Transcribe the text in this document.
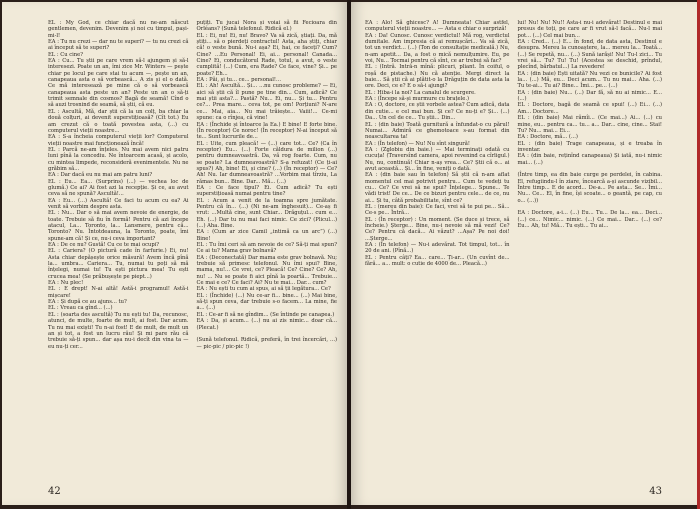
EL : My God, ce chiar dacă nu ne-am născut gentlemen, devenim. Devenim și noi cu timpul, pași-mi-l!
EA : Tu nu crezi — dar nu te superi? — tu nu crezi că ai început să te superi?
EL : Cu cine?
EA : Cu... Tu știi pe care vrem să-l ajungem și să-l interesezi. Poate un an, îmi zice Mr. Winters — pește chiar pe locul pe care stai tu acum —, pește un an, canapeaua asta o să vorbească... A zis și el o dată. Ce mă interesează pe mine că o să vorbească canapeaua asta peste un an? Peste un an o să-ți trimit semnale din cosmos? Bagă de seamă! Cînd o să auzi trosnind de seamă, să știi, că eu.
EL : Ascultă, Mă, dar știi că la un colț, ba chiar la două colțuri, ai devenit superstițioasă? (Cît tot.) Eu am crezut că o toată povestea asta, (...) cu computerul vieții noastre...
EA : S-a încheia computerul vieții lor? Computerul vieții noastre mai funcționează încă!
EL : Parcă ne-am înțeles. Nu mai avem nici patru luni pînă la concediu. Ne întoarcem acasă, și acolo, cu mintea limpede, reconsideră evenimentele. Nu ne grăbim să...
EA : Dar dacă eu nu mai am patru luni?
EL : Eu... Ea... (Surprins) (...) — vechea loc de glumă.) Ce ai? Ai fost azi la recepție. Și ce, au avut ceva să ne spună? Ascultă!...
EA : Eu... (...) Ascultă! Ce faci tu acum cu ea? Ai venit să vorbim despre asta.
EL : Nu... Dar o să mai avem nevoie de energie, de toate. Trebuie să fiu în formă! Pentru că azi începe atacul, La... Toronto, la... Lansmere, pentru că... Toronto? Nu. Întotdeauna, la Toronto, poate, îmi spune-am că! Și ce, nu-i ceva important?
EA : De ce nu? Gustă! Cu ce te mai ocupi?
EL : Cariera? (O pictură cade în farfurie.) Ei, nu! Asta chiar depășește orice măsură! Avem încă pînă la... umbra... Cariera... Tu, numai tu poți să mă înțelegi, numai tu! Tu ești pictura mea! Tu ești crucea mea! (Se prăbușește pe piept...)
EA : Nu plec!
EL : E drept! N-ai altă! Astă-i programul! Astă-i mișcare!
EA : Și după ce au ajuns... tu?
EL : Vreau ca gînd... (...)
EL : (soarta des ascultă) Tu nu ești tu! Da, recunosc, atunci, de multe, foarte de mult, ai fost. Dar acum. Tu nu mai exiști! Tu n-ai fost! E de mult, de mult un an și tot, a fost un lucru rău! Și mi pare rău că trebuie să-ți spun... dar așa nu-i decît din vina ta — eu nu-ți cer...
puțiți. Tu jucai Nora și voiai să fii Fecioara din Orléans? (Sună telefonul. Ridică el.)
EL : Ei, nu! Ei, nu! Bravo? Va să zică, știați. Da, mă știți... să o pierdeți contractul! Asta, aha știți, chiar că! o veste bună. Nu-i așa? Ei, hai, ce faceți? Cum? Cine? ...Eu Personal! Ei, ai... personal! Canada... Cine? Ei, conducătorul Rade, totul, a avut, o veste cumplită! (...) Cum, era Rade? Ce face, vine? Și... pe poate? Eh...
EA : Păi, și tu... ce... personal!...
EL : Ah! Ascultă... Și... ...nu cunosc probleme? — Ei, aici să știi că îl pune pe tine din... Cum, adică? Ce mai știi asta?... Pastă? Nu... Ei, nu... Și tu... Pentru ce?... Prea mare... ceva tot, pe om! Porțiuni? N-are ce... Mai, aia... Nu mai trăiește... Vaiii!... Ce-mi spune: ca o rînjea, că vine!
EA : (Închide și întoarce la Ea.) E bine! E forte bine. (În receptor) Ce noroc! (În receptor) N-ai început să te... Sunt lucrurile de...
EL : Uite, cum pleacă! — (...) care tot... Ce? (Ca în receptor) Eu... (...) Forte căldura de milion (...) pentru dumneavoastră. Da, vă rog foarte. Cum, nu se poate? La dumneavoastră? S-a refuzat! (Ce ți-ai spus?) Ah, bine! Ei, și cine? (...) (În receptor) — Ce? Ah! Nu. Iar dumneavoastră? ...Vorbim mai tîrziu, La rămas bun... Bine. Dar... Mă... (...)
EA : Ce face tipul? Ei. Cum adică? Tu ești superstițioasă numai pentru tine?
EL : Acum a venit de la toamna spre jumătate. Pentru că în... (...) (Ni ne-am înghesuit)... Ce-aș fi vrut: ...Multă cine, sunt Chiar... Drăguțul... cum e... Eh. (...) Dar tu nu mai faci nimic. Ce zici? (Plicul...) (...) Aha. Bine.
EA : (Cum ar zice Camil „intimă ca un arc”) (...) Bine!
EL : Tu îmi ceri să am nevoie de ce? Să-ți mai spun? Ce ai tu? Mama grav bolnavă?
EA : (Deconectată) Dar mama este grav bolnavă. Nu; trebuie să primesc telefonul. Nu îmi spui? Bine, mama, nu!... Ce vrei, ce? Pleacă! Ce? Cine? Ce? Ah, nu! ... Nu se poate fi aici pînă la poartă... Trebuie... Ce mai e ce? Ce faci? Ai? Nu te mai... Dar... cum?
EA : Nu ești tu cum ai spus, ai să ții legătura... Ce?
EL : (Închide) (...) Nu ce-ar fi... bine... (...) Mai bine, să-ți spun ceva, dar trebuie s-o facem... La mine, fie a... (...)
EL : Ce-ar fi să ne gîndim... (Se întinde pe canapea.)
EA : Da, și acum... (...) nu ai zis nimic... doar că... (Plecat.)

(Sună telefonul. Ridică, preferă, în trei încercări, ...) — pic-pic / pic-pic !)
42
EA : Alo! Să ghicesc? A! Dumneata! Chiar astfel, computerul vieții noastre... — Asta e chiar o surpriză!
EA : Da! Cunosc. Cunosc verdictul! Mă rog, verdictul dumitale. Am impresia că ai remușcări... Va să zică, tot un verdict... (...) (Ton de consultație medicală.) Nu, n-am apetit... Da, a fost o mică nemulțumire. Eu, pe voi, Nu... Tocmai pentru că sînt, ce ar trebui să fac?
EL : (Intră. Intră-n mînă: plicuri, pliant. În coiful, o roșă de pistache.) Nu că atenție. Mergi direct la baie... Să știi că ai plătit-o la Drăguțin de data asta la ore. Deci, ce e? E o să-i ajungi?
EL : Hiba-i la noi? La canalul de scurgere.
EA : (Începe să-și murmure cu brațele.)
EA : O, doctore, ce știi vorbele astea? Cum adică, data din cutie... e cel mai bun. Și ce? Ce nu-ți e? Și... (...) Da... Un cel de ce... Tu știi... Din...
EL : (din baie) Toată gurnitură a înfundat-o cu părul! Numai... Admiră ce ghemotoace s-au format din neascultarea ta!
EA : (În telefon) — Nu! Nu sînt singură!
EA : (Zglobiu din baie.) — Mai terminați odată cu cucuța! (Traversînd camera, apoi revenind ca cîrligul.) Nu, nu, continuă! Chiar n-aș vrea... Ce? Știi că o... ai avut această... Și... în fine, veniți o dată.
EA : (din baie sau în telefon) Să știi că n-am aflat momentul cel mai potrivit pentru... Cum te vedeți tu cu... Ce? Ce vrei să ne spui? Înțelege... Spune... Te vădi trist! De ce... De ce bizuri pentru cele... de ce, nu ai... Și tu, câtă probabilitate, sînt ce?
EL : (mereu din baie): Ce faci, vrei să te pui pe... Să... Ce-s pe... Întră...
EL : (În receptor) : Un moment. (Se duce și trece, să încheie.) Șterge... Bine, nu-i nevoie să mă vezi! Ce? Ce? Pentru că dacă... Ai văzut? ...Așa? Pe noi doi! ...Șterge...
EA : (În telefon) — Nu-i adevărat. Tot timpul, tot... în 20 de ani. (Pînă...)
EL : Pentru câți? Ea... care... Ți-ar... (Un cuvînt de... fără... a... mult: o cutie de 4000 de... Pleacă...)
lui! Nu! Nu! Nu!! Asta-i nu-i adevărat! Destinul e mai presus de toți, pe care ar fi vrut să-l facă... Nu-l mai pot... (...) Cel mai bun...
EA : Cred... (...) E... în fond, de data asta, Destinul e desupra. Mereu la cunoaștere, la... mereu la... Toată... (...) Se repetă, nu... (...) Sună iarăși! Nu! Tu-l zici... Tu vrei să... Tu? Tu! Tu! (Acestea se deschid, prîndul, plecînd, bărbatul...) La revedere!
EA : (din baie) Ești uitată? Nu vezi ce bunicile? Ai fost la... (...) Mă, eu... Deci acum... Tu nu mai... Aha. (...) Tu te-ai... Tu ai? Bine... Îmi... pe... (...)
EA : (din baie) Nu... (...) Dar fă, să nu ai nimic... E... (...)
EL : Doctore, bagă de seamă ce spui! (...) Ei... (...) Am... Doctore...
EL : (din baie) Mai rămîi... (Ce mai...) Ai... (...) cu mine, eu... pentru ca... tu... a... Dar... cine, cine... Stai! Tu? Nu... mai... Ei...
EA : Doctore, mă... (...)
EL : (din baie) Trage canapeaua, și e treaba în inventar.
EA : (din baie, reținînd canapeaua) Și iată, nu-i nimic mai... (...)

(Între timp, ea din baie curge pe perdelei, în cabina. El, refugiindu-l în ziare, încearcă a-și ascunde vizibil... Între timp... E de acord... De-a... Pe asta... Se... Îmi... Nu... Ce... El, în fine, își scoate... o geantă, pe cap, cu o... (...))

EA : Doctore, a-i... (...) Eu... Tu... De la... ea... Deci... (...) ce... Nimic... nimic. (...) Ce mai... Dar... (...) ce? Eu... Ah, tu! Mă... Tu ești... Tu ai...
43
